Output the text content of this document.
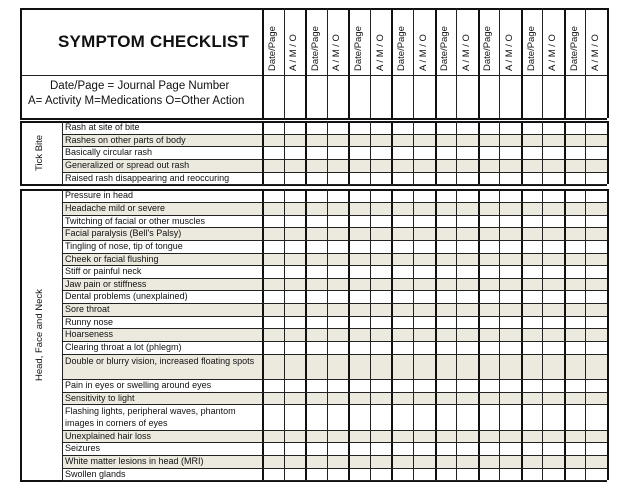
SYMPTOM CHECKLIST
Date/Page = Journal Page Number
A= Activity M=Medications O=Other Action
Date/Page A / M / O Date/Page A / M / O Date/Page A / M / O Date/Page A / M / O Date/Page A / M / O Date/Page A / M / O Date/Page A / M / O Date/Page A / M / O
Tick Bite
Head, Face and Neck
Rash at site of bite
Rashes on other parts of body
Basically circular rash
Generalized or spread out rash
Raised rash disappearing and reoccuring
Pressure in head
Headache mild or severe
Twitching of facial or other muscles
Facial paralysis (Bell's Palsy)
Tingling of nose, tip of tongue
Cheek or facial flushing
Stiff or painful neck
Jaw pain or stiffness
Dental problems (unexplained)
Sore throat
Runny nose
Hoarseness
Clearing throat a lot (phlegm)
Double or blurry vision, increased floating spots
Pain in eyes or swelling around eyes
Sensitivity to light
Flashing lights, peripheral waves, phantom images in corners of eyes
Unexplained hair loss
Seizures
White matter lesions in head (MRI)
Swollen glands
